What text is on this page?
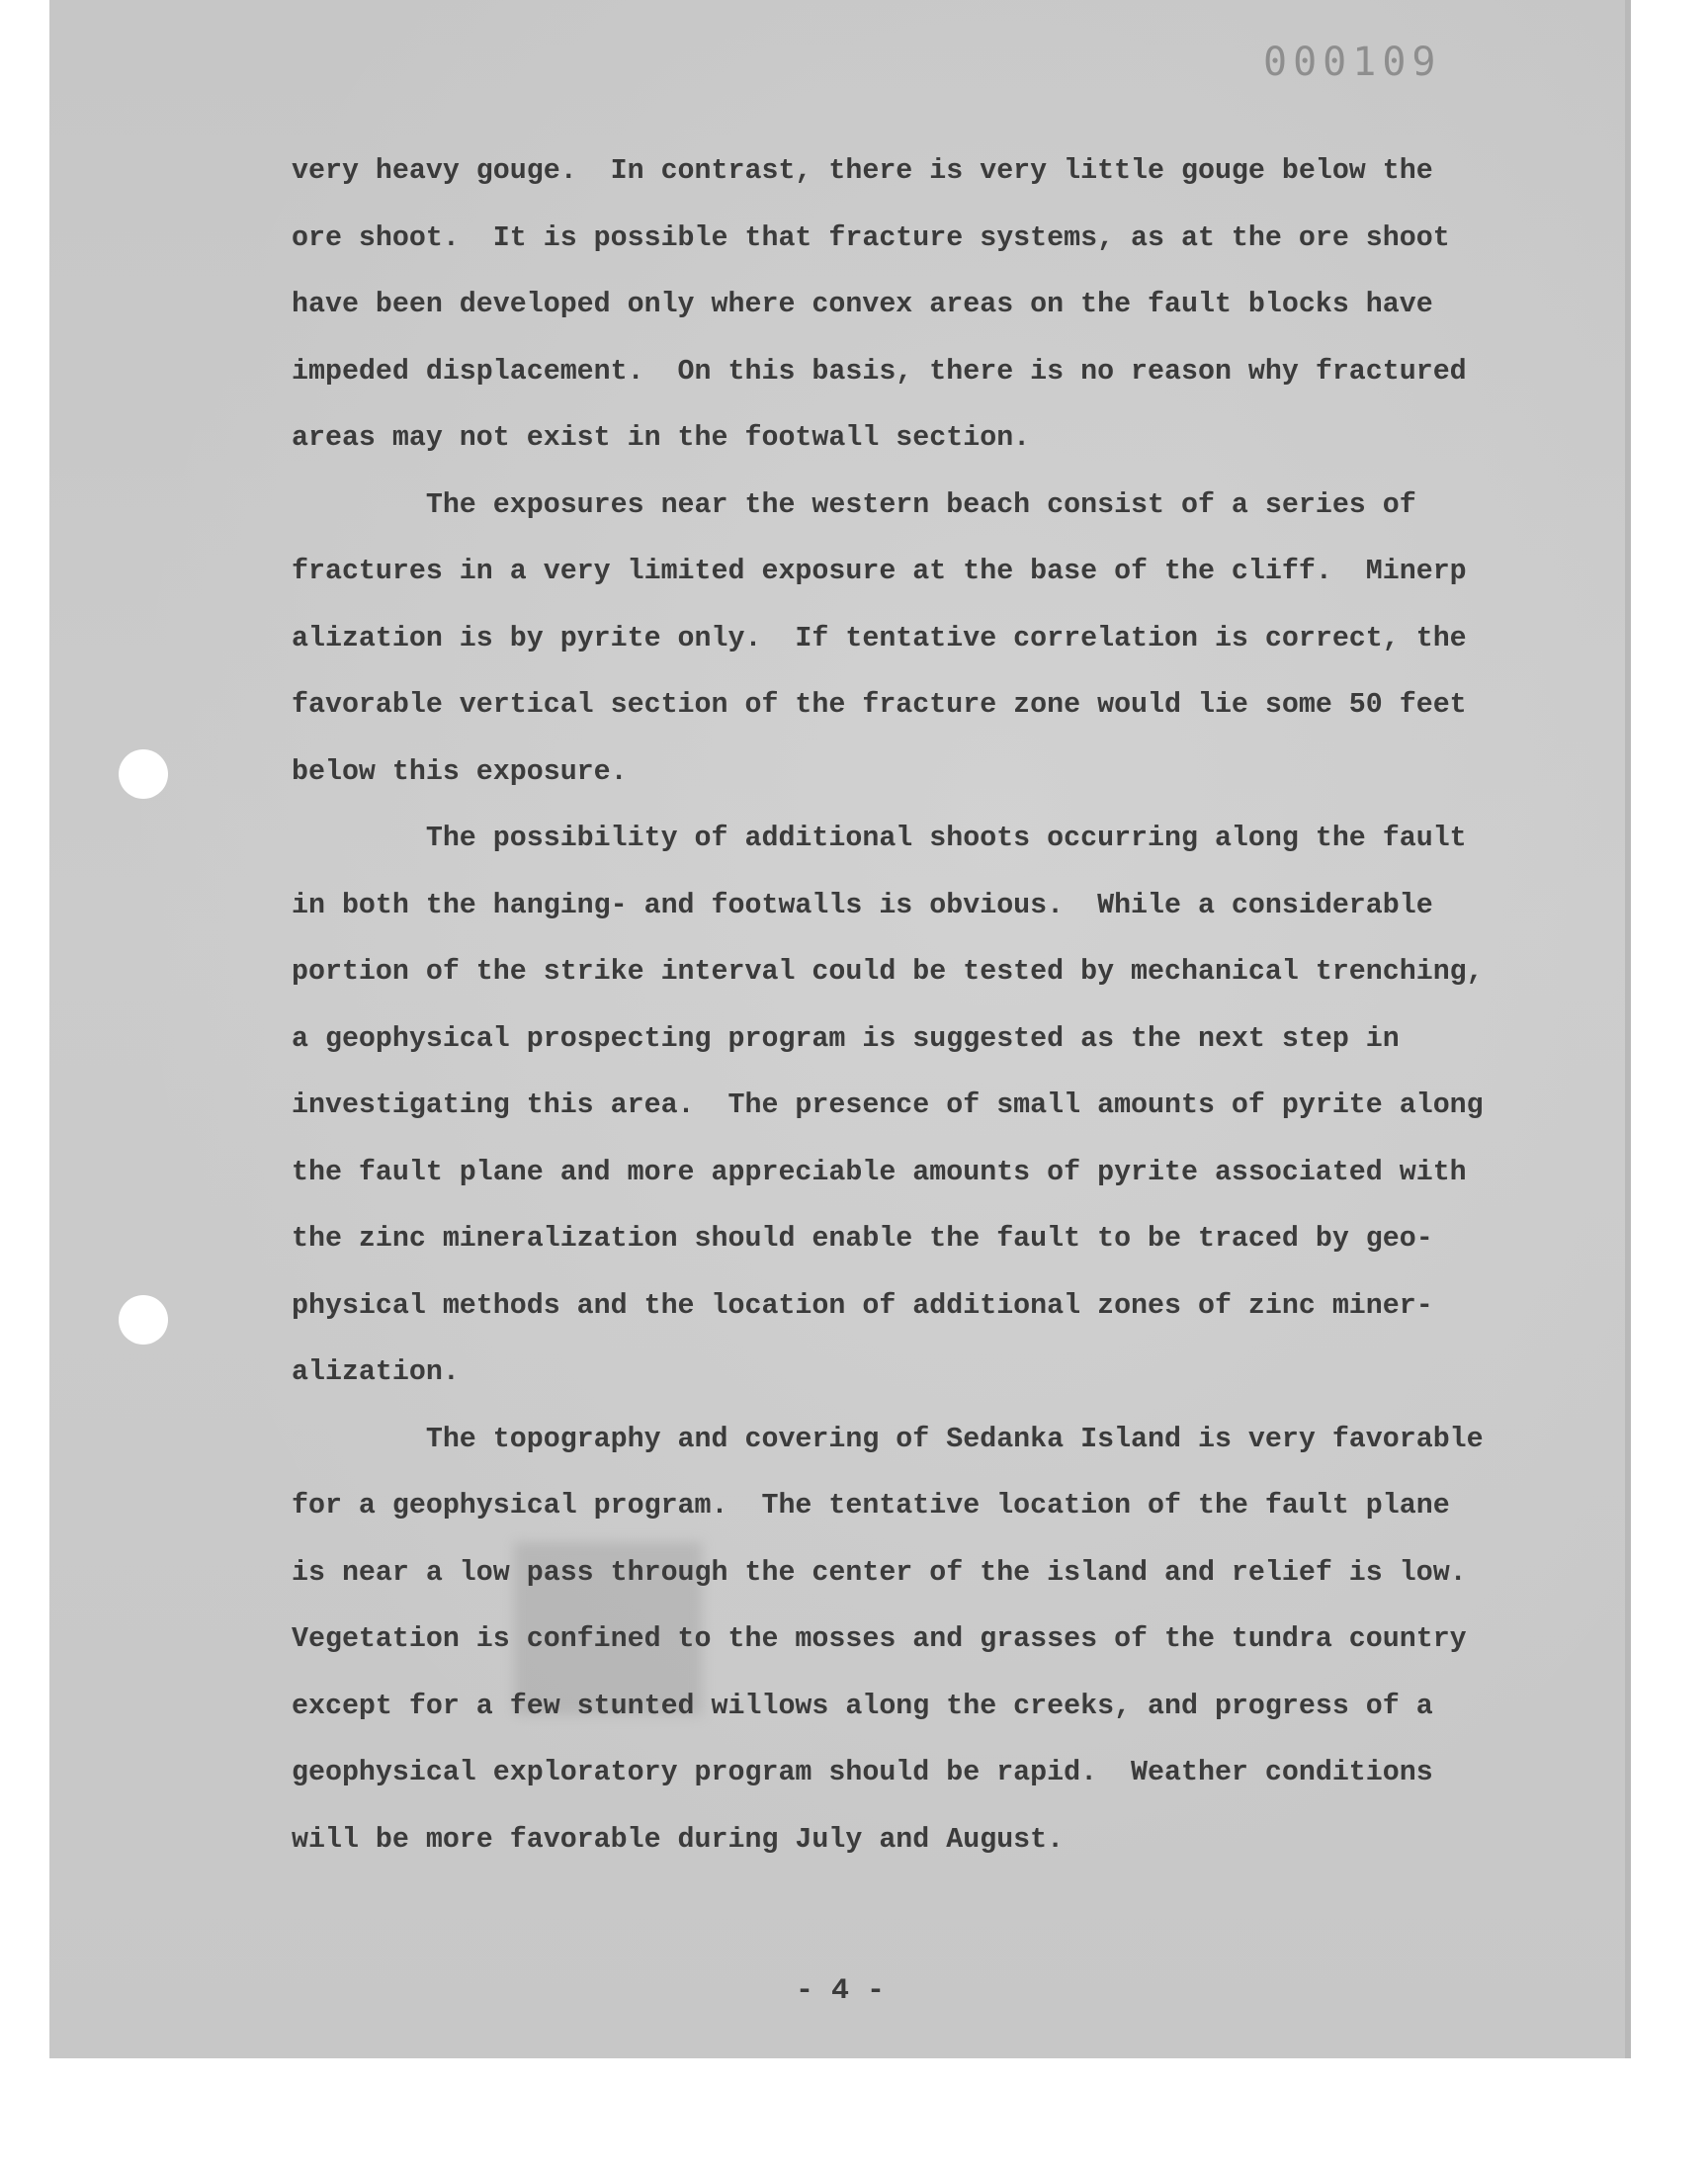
000109

very heavy gouge.  In contrast, there is very little gouge below the

ore shoot.  It is possible that fracture systems, as at the ore shoot

have been developed only where convex areas on the fault blocks have

impeded displacement.  On this basis, there is no reason why fractured

areas may not exist in the footwall section.

The exposures near the western beach consist of a series of

fractures in a very limited exposure at the base of the cliff.  Minerp

alization is by pyrite only.  If tentative correlation is correct, the

favorable vertical section of the fracture zone would lie some 50 feet

below this exposure.

The possibility of additional shoots occurring along the fault

in both the hanging- and footwalls is obvious.  While a considerable

portion of the strike interval could be tested by mechanical trenching,

a geophysical prospecting program is suggested as the next step in

investigating this area.  The presence of small amounts of pyrite along

the fault plane and more appreciable amounts of pyrite associated with

the zinc mineralization should enable the fault to be traced by geo-

physical methods and the location of additional zones of zinc miner-

alization.

The topography and covering of Sedanka Island is very favorable

for a geophysical program.  The tentative location of the fault plane

is near a low pass through the center of the island and relief is low.

Vegetation is confined to the mosses and grasses of the tundra country

except for a few stunted willows along the creeks, and progress of a

geophysical exploratory program should be rapid.  Weather conditions

will be more favorable during July and August.

- 4 -
